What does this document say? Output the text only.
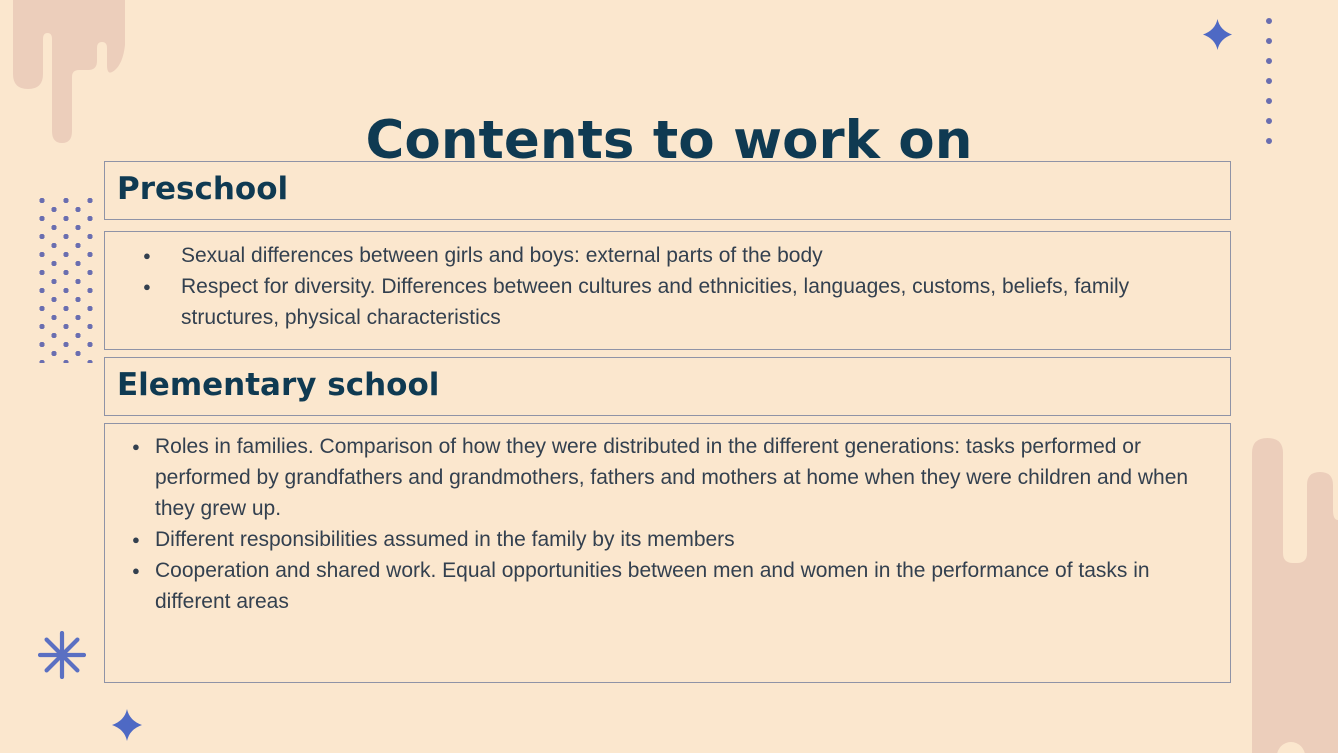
Contents to work on
Preschool
● Sexual differences between girls and boys: external parts of the body
● Respect for diversity. Differences between cultures and ethnicities, languages, customs, beliefs, family structures, physical characteristics
Elementary school
● Roles in families. Comparison of how they were distributed in the different generations: tasks performed or performed by grandfathers and grandmothers, fathers and mothers at home when they were children and when they grew up.
● Different responsibilities assumed in the family by its members
● Cooperation and shared work. Equal opportunities between men and women in the performance of tasks in different areas
